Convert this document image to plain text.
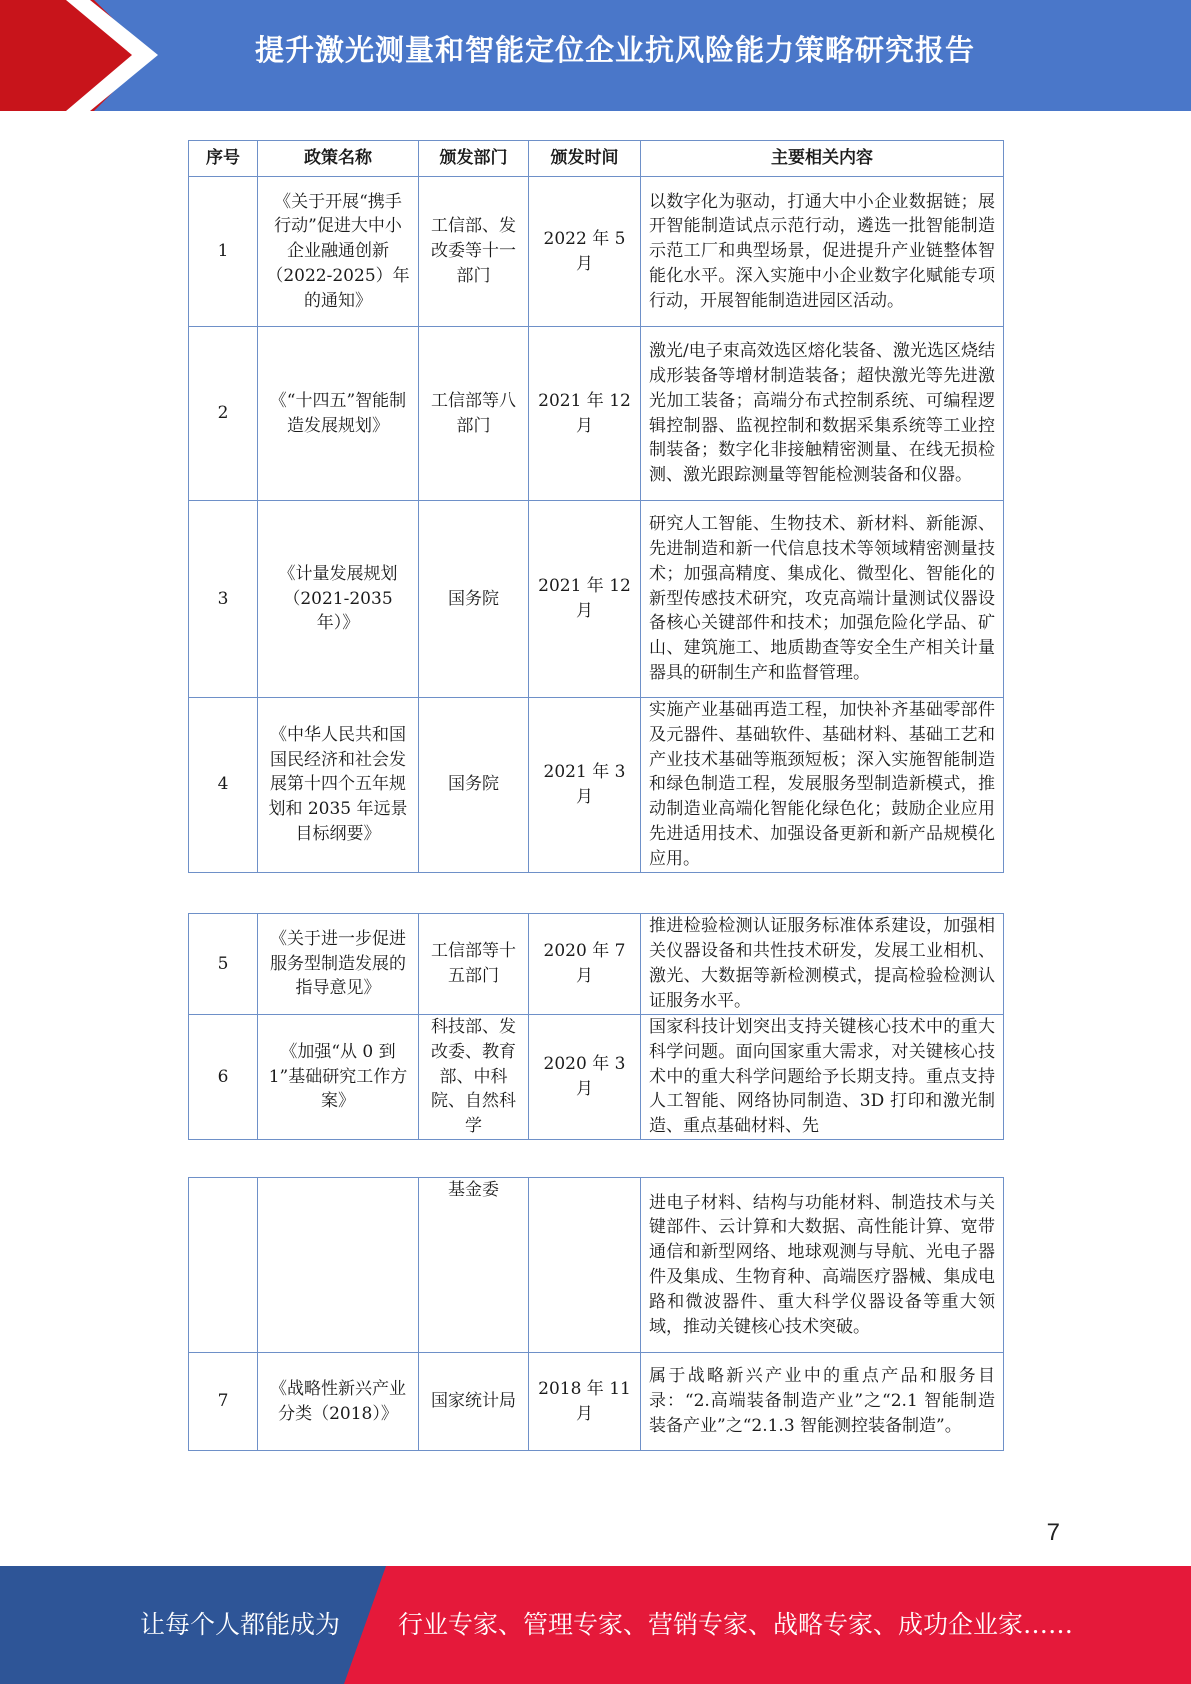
提升激光测量和智能定位企业抗风险能力策略研究报告
序号	政策名称	颁发部门	颁发时间	主要相关内容
1	《关于开展“携手行动”促进大中小企业融通创新（2022-2025）年的通知》	工信部、发改委等十一部门	2022 年 5 月	以数字化为驱动，打通大中小企业数据链；展开智能制造试点示范行动，遴选一批智能制造示范工厂和典型场景，促进提升产业链整体智能化水平。深入实施中小企业数字化赋能专项行动，开展智能制造进园区活动。
2	《“十四五”智能制造发展规划》	工信部等八部门	2021 年 12 月	激光/电子束高效选区熔化装备、激光选区烧结成形装备等增材制造装备；超快激光等先进激光加工装备；高端分布式控制系统、可编程逻辑控制器、监视控制和数据采集系统等工业控制装备；数字化非接触精密测量、在线无损检测、激光跟踪测量等智能检测装备和仪器。
3	《计量发展规划（2021-2035 年）》	国务院	2021 年 12 月	研究人工智能、生物技术、新材料、新能源、先进制造和新一代信息技术等领域精密测量技术；加强高精度、集成化、微型化、智能化的新型传感技术研究，攻克高端计量测试仪器设备核心关键部件和技术；加强危险化学品、矿山、建筑施工、地质勘查等安全生产相关计量器具的研制生产和监督管理。
4	《中华人民共和国国民经济和社会发展第十四个五年规划和 2035 年远景目标纲要》	国务院	2021 年 3 月	实施产业基础再造工程，加快补齐基础零部件及元器件、基础软件、基础材料、基础工艺和产业技术基础等瓶颈短板；深入实施智能制造和绿色制造工程，发展服务型制造新模式，推动制造业高端化智能化绿色化；鼓励企业应用先进适用技术、加强设备更新和新产品规模化应用。
5	《关于进一步促进服务型制造发展的指导意见》	工信部等十五部门	2020 年 7 月	推进检验检测认证服务标准体系建设，加强相关仪器设备和共性技术研发，发展工业相机、激光、大数据等新检测模式，提高检验检测认证服务水平。
6	《加强“从 0 到 1”基础研究工作方案》	科技部、发改委、教育部、中科院、自然科学	2020 年 3 月	国家科技计划突出支持关键核心技术中的重大科学问题。面向国家重大需求，对关键核心技术中的重大科学问题给予长期支持。重点支持人工智能、网络协同制造、3D 打印和激光制造、重点基础材料、先
		基金委		进电子材料、结构与功能材料、制造技术与关键部件、云计算和大数据、高性能计算、宽带通信和新型网络、地球观测与导航、光电子器件及集成、生物育种、高端医疗器械、集成电路和微波器件、重大科学仪器设备等重大领域，推动关键核心技术突破。
7	《战略性新兴产业分类（2018）》	国家统计局	2018 年 11 月	属于战略新兴产业中的重点产品和服务目录：“2.高端装备制造产业”之“2.1 智能制造装备产业”之“2.1.3 智能测控装备制造”。
7
让每个人都能成为 行业专家、管理专家、营销专家、战略专家、成功企业家……
